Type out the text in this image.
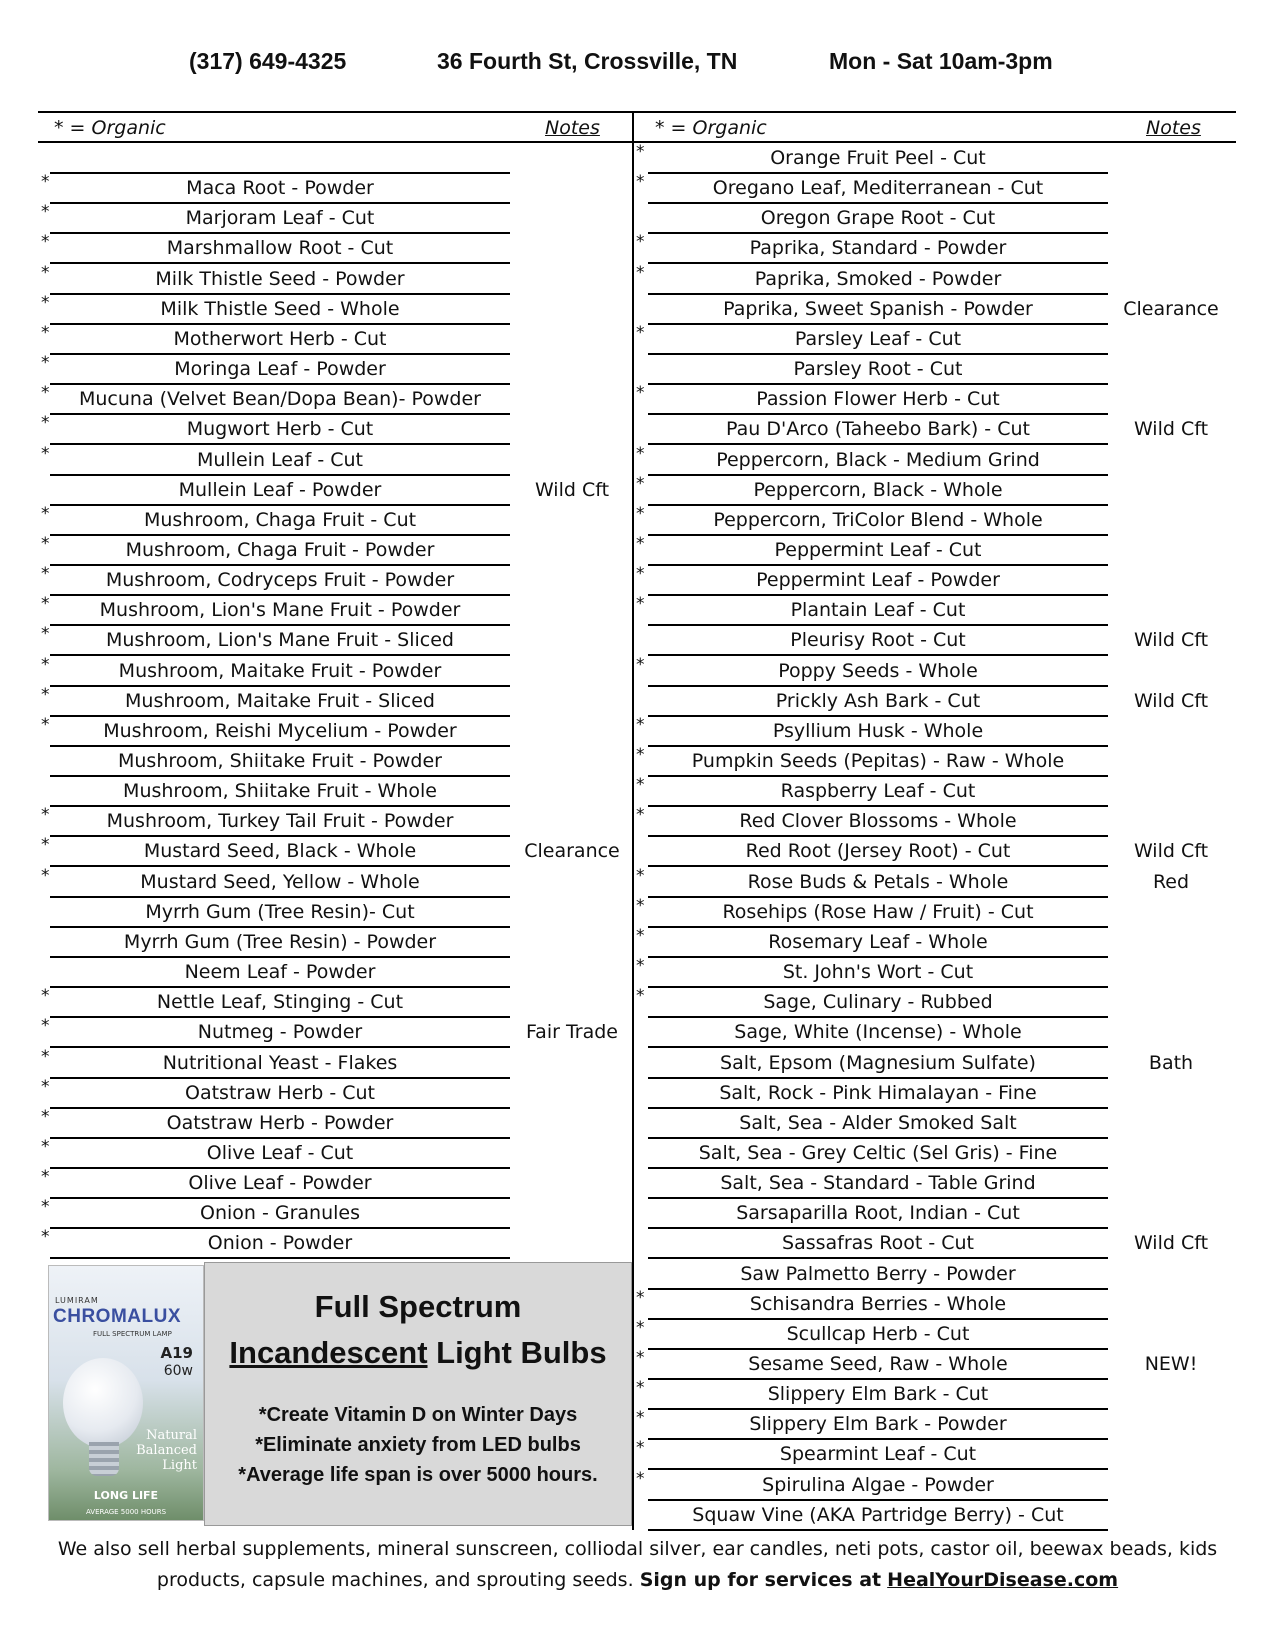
(317) 649-4325	36 Fourth St, Crossville, TN	Mon - Sat 10am-3pm
* = Organic	Notes	* = Organic	Notes
*	Maca Root - Powder
*	Marjoram Leaf - Cut
*	Marshmallow Root - Cut
*	Milk Thistle Seed - Powder
*	Milk Thistle Seed - Whole
*	Motherwort Herb - Cut
*	Moringa Leaf - Powder
*	Mucuna (Velvet Bean/Dopa Bean)- Powder
*	Mugwort Herb - Cut
*	Mullein Leaf - Cut
Mullein Leaf - Powder	Wild Cft
*	Mushroom, Chaga Fruit - Cut
*	Mushroom, Chaga Fruit - Powder
*	Mushroom, Codryceps Fruit - Powder
*	Mushroom, Lion's Mane Fruit - Powder
*	Mushroom, Lion's Mane Fruit - Sliced
*	Mushroom, Maitake Fruit - Powder
*	Mushroom, Maitake Fruit - Sliced
*	Mushroom, Reishi Mycelium - Powder
Mushroom, Shiitake Fruit - Powder
Mushroom, Shiitake Fruit - Whole
*	Mushroom, Turkey Tail Fruit - Powder
*	Mustard Seed, Black - Whole	Clearance
*	Mustard Seed, Yellow - Whole
Myrrh Gum (Tree Resin)- Cut
Myrrh Gum (Tree Resin) - Powder
Neem Leaf - Powder
*	Nettle Leaf, Stinging - Cut
*	Nutmeg - Powder	Fair Trade
*	Nutritional Yeast - Flakes
*	Oatstraw Herb - Cut
*	Oatstraw Herb - Powder
*	Olive Leaf - Cut
*	Olive Leaf - Powder
*	Onion - Granules
*	Onion - Powder
*	Orange Fruit Peel - Cut
*	Oregano Leaf, Mediterranean - Cut
Oregon Grape Root - Cut
*	Paprika, Standard - Powder
*	Paprika, Smoked - Powder
Paprika, Sweet Spanish - Powder	Clearance
*	Parsley Leaf - Cut
Parsley Root - Cut
*	Passion Flower Herb - Cut
Pau D'Arco (Taheebo Bark) - Cut	Wild Cft
*	Peppercorn, Black - Medium Grind
*	Peppercorn, Black - Whole
*	Peppercorn, TriColor Blend - Whole
*	Peppermint Leaf - Cut
*	Peppermint Leaf - Powder
*	Plantain Leaf - Cut
Pleurisy Root - Cut	Wild Cft
*	Poppy Seeds - Whole
Prickly Ash Bark - Cut	Wild Cft
*	Psyllium Husk - Whole
*	Pumpkin Seeds (Pepitas) - Raw - Whole
*	Raspberry Leaf - Cut
*	Red Clover Blossoms - Whole
Red Root (Jersey Root) - Cut	Wild Cft
*	Rose Buds & Petals - Whole	Red
*	Rosehips (Rose Haw / Fruit) - Cut
*	Rosemary Leaf - Whole
*	St. John's Wort - Cut
*	Sage, Culinary - Rubbed
Sage, White (Incense) - Whole
Salt, Epsom (Magnesium Sulfate)	Bath
Salt, Rock - Pink Himalayan - Fine
Salt, Sea - Alder Smoked Salt
Salt, Sea - Grey Celtic (Sel Gris) - Fine
Salt, Sea - Standard - Table Grind
Sarsaparilla Root, Indian - Cut
Sassafras Root - Cut	Wild Cft
Saw Palmetto Berry - Powder
*	Schisandra Berries - Whole
*	Scullcap Herb - Cut
*	Sesame Seed, Raw - Whole	NEW!
*	Slippery Elm Bark - Cut
*	Slippery Elm Bark - Powder
*	Spearmint Leaf - Cut
*	Spirulina Algae - Powder
Squaw Vine (AKA Partridge Berry) - Cut
LUMIRAM
CHROMALUX
FULL SPECTRUM LAMP
A19
60w
Natural
Balanced
Light
LONG LIFE
AVERAGE 5000 HOURS
Full Spectrum
Incandescent Light Bulbs
*Create Vitamin D on Winter Days
*Eliminate anxiety from LED bulbs
*Average life span is over 5000 hours.
We also sell herbal supplements, mineral sunscreen, colliodal silver, ear candles, neti pots, castor oil, beewax beads, kids products, capsule machines, and sprouting seeds. Sign up for services at HealYourDisease.com
